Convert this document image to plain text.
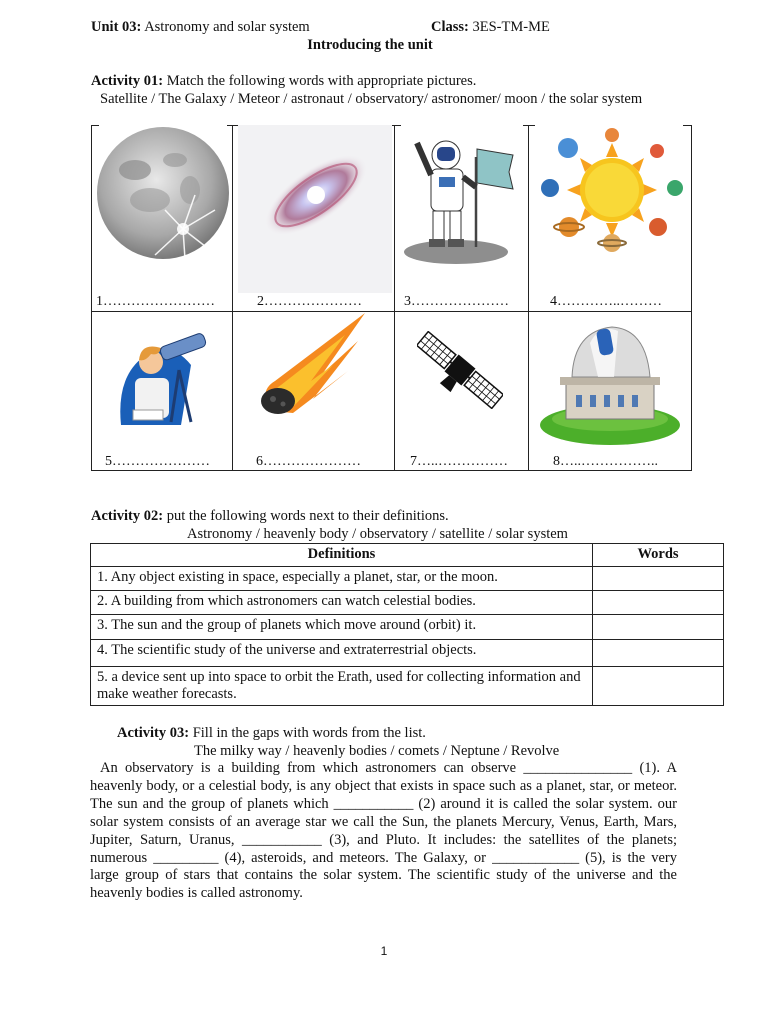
Unit 03: Astronomy and solar system	Class: 3ES-TM-ME
Introducing the unit
Activity 01: Match the following words with appropriate pictures.
Satellite / The Galaxy / Meteor / astronaut / observatory/ astronomer/ moon / the solar system
1……………………	2…………………	3…………………	4…………..………
5…………………	6…………………	7…..……………	8…..……………..
Activity 02: put the following words next to their definitions.
Astronomy / heavenly body / observatory / satellite / solar system
Definitions	Words
1. Any object existing in space, especially a planet, star, or the moon.	
2. A building from which astronomers can watch celestial bodies.	
3. The sun and the group of planets which move around (orbit) it.	
4. The scientific study of the universe and extraterrestrial objects.	
5. a device sent up into space to orbit the Erath, used for collecting information and make weather forecasts.	
Activity 03: Fill in the gaps with words from the list.
The milky way / heavenly bodies / comets / Neptune / Revolve
An observatory is a building from which astronomers can observe _______________ (1). A heavenly body, or a celestial body, is any object that exists in space such as a planet, star, or meteor. The sun and the group of planets which ___________ (2) around it is called the solar system. our solar system consists of an average star we call the Sun, the planets Mercury, Venus, Earth, Mars, Jupiter, Saturn, Uranus, ___________ (3), and Pluto. It includes: the satellites of the planets; numerous _________ (4), asteroids, and meteors. The Galaxy, or ____________ (5), is the very large group of stars that contains the solar system. The scientific study of the universe and the heavenly bodies is called astronomy.
1
